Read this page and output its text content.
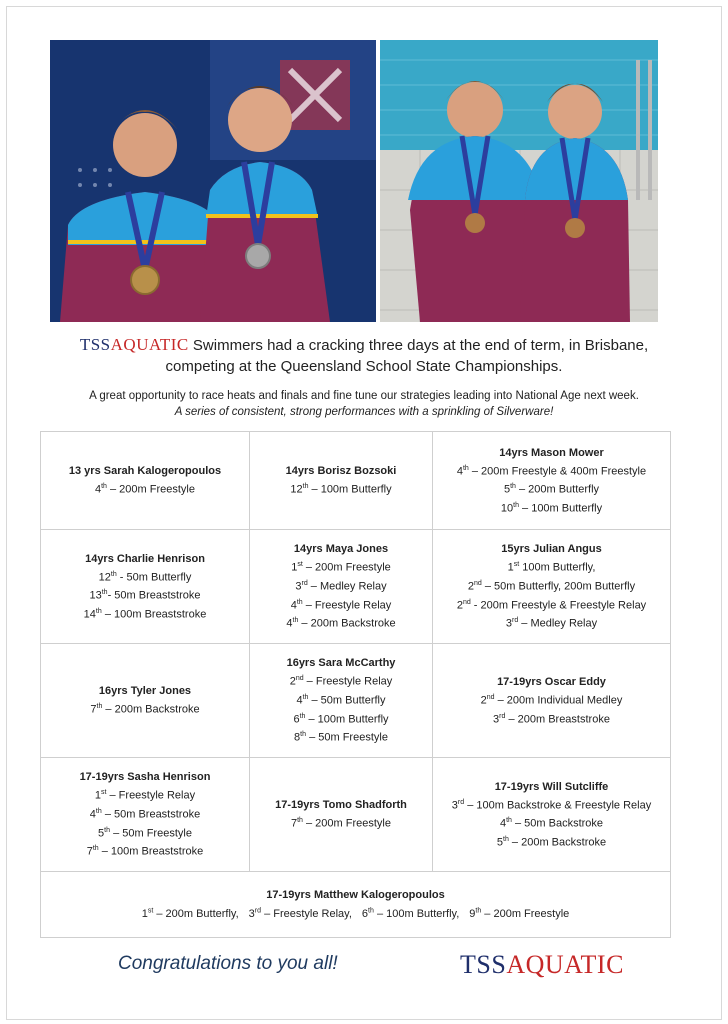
TSSAQUATIC Swimmers had a cracking three days at the end of term, in Brisbane,
competing at the Queensland School State Championships.
A great opportunity to race heats and finals and fine tune our strategies leading into National Age next week.
A series of consistent, strong performances with a sprinkling of Silverware!
13 yrs Sarah Kalogeropoulos
4th – 200m Freestyle	14yrs Borisz Bozsoki
12th – 100m Butterfly	14yrs Mason Mower
4th – 200m Freestyle & 400m Freestyle
5th – 200m Butterfly
10th – 100m Butterfly

14yrs Charlie Henrison
12th - 50m Butterfly
13th- 50m Breaststroke
14th – 100m Breaststroke	14yrs Maya Jones
1st – 200m Freestyle
3rd – Medley Relay
4th – Freestyle Relay
4th – 200m Backstroke	15yrs Julian Angus
1st 100m Butterfly,
2nd – 50m Butterfly, 200m Butterfly
2nd - 200m Freestyle & Freestyle Relay
3rd – Medley Relay

16yrs Tyler Jones
7th – 200m Backstroke	16yrs Sara McCarthy
2nd – Freestyle Relay
4th – 50m Butterfly
6th – 100m Butterfly
8th – 50m Freestyle	17-19yrs Oscar Eddy
2nd – 200m Individual Medley
3rd – 200m Breaststroke

17-19yrs Sasha Henrison
1st – Freestyle Relay
4th – 50m Breaststroke
5th – 50m Freestyle
7th – 100m Breaststroke	17-19yrs Tomo Shadforth
7th – 200m Freestyle	17-19yrs Will Sutcliffe
3rd – 100m Backstroke & Freestyle Relay
4th – 50m Backstroke
5th – 200m Backstroke

17-19yrs Matthew Kalogeropoulos
1st – 200m Butterfly, 3rd – Freestyle Relay, 6th – 100m Butterfly, 9th – 200m Freestyle		
Congratulations to you all!	TSSAQUATIC
